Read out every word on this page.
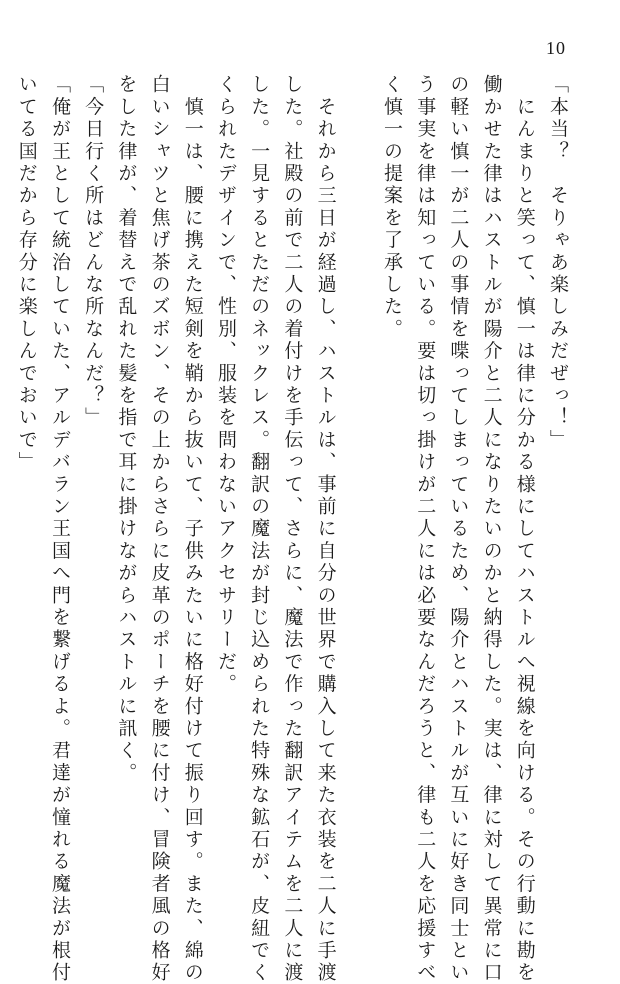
10
「本当？　そりゃあ楽しみだぜっ！」
　にんまりと笑って、慎一は律に分かる様にしてハストルへ視線を向ける。その行動に勘を
働かせた律はハストルが陽介と二人になりたいのかと納得した。実は、律に対して異常に口
の軽い慎一が二人の事情を喋ってしまっているため、陽介とハストルが互いに好き同士とい
う事実を律は知っている。要は切っ掛けが二人には必要なんだろうと、律も二人を応援すべ
く慎一の提案を了承した。

　それから三日が経過し、ハストルは、事前に自分の世界で購入して来た衣装を二人に手渡
した。社殿の前で二人の着付けを手伝って、さらに、魔法で作った翻訳アイテムを二人に渡
した。一見するとただのネックレス。翻訳の魔法が封じ込められた特殊な鉱石が、皮紐でく
くられたデザインで、性別、服装を問わないアクセサリーだ。
　慎一は、腰に携えた短剣を鞘から抜いて、子供みたいに格好付けて振り回す。また、綿の
白いシャツと焦げ茶のズボン、その上からさらに皮革のポーチを腰に付け、冒険者風の格好
をした律が、着替えで乱れた髪を指で耳に掛けながらハストルに訊く。
「今日行く所はどんな所なんだ？」
「俺が王として統治していた、アルデバラン王国へ門を繋げるよ。君達が憧れる魔法が根付
いてる国だから存分に楽しんでおいで」
